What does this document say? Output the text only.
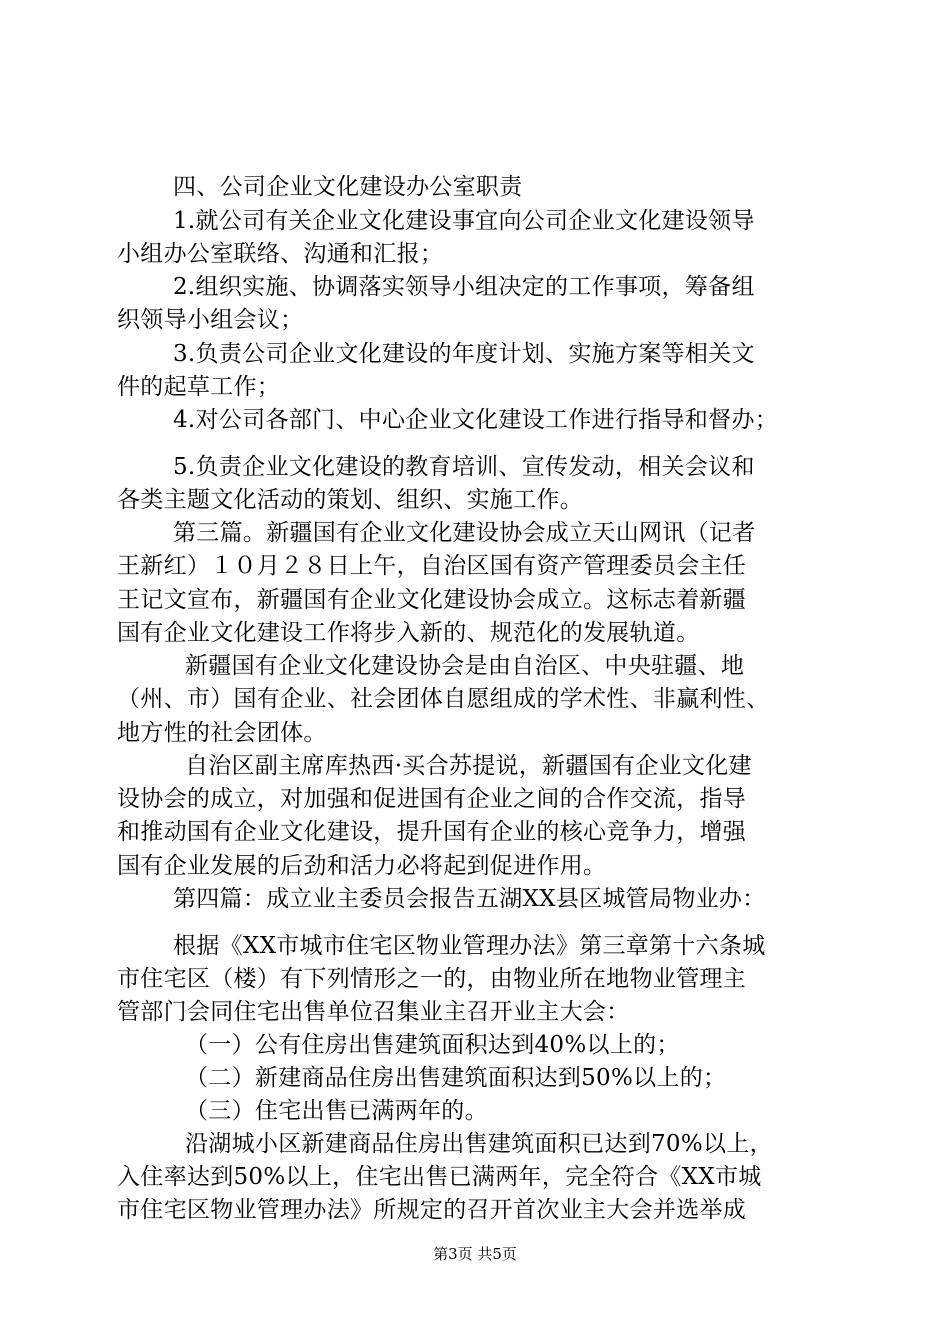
四、公司企业文化建设办公室职责
1.就公司有关企业文化建设事宜向公司企业文化建设领导
小组办公室联络、沟通和汇报；
2.组织实施、协调落实领导小组决定的工作事项，筹备组
织领导小组会议；
3.负责公司企业文化建设的年度计划、实施方案等相关文
件的起草工作；
4.对公司各部门、中心企业文化建设工作进行指导和督办；
5.负责企业文化建设的教育培训、宣传发动，相关会议和
各类主题文化活动的策划、组织、实施工作。
第三篇。新疆国有企业文化建设协会成立天山网讯（记者
王新红）１０月２８日上午，自治区国有资产管理委员会主任
王记文宣布，新疆国有企业文化建设协会成立。这标志着新疆
国有企业文化建设工作将步入新的、规范化的发展轨道。
新疆国有企业文化建设协会是由自治区、中央驻疆、地
（州、市）国有企业、社会团体自愿组成的学术性、非赢利性、
地方性的社会团体。
自治区副主席库热西·买合苏提说，新疆国有企业文化建
设协会的成立，对加强和促进国有企业之间的合作交流，指导
和推动国有企业文化建设，提升国有企业的核心竞争力，增强
国有企业发展的后劲和活力必将起到促进作用。
第四篇：成立业主委员会报告五湖XX县区城管局物业办：
根据《XX市城市住宅区物业管理办法》第三章第十六条城
市住宅区（楼）有下列情形之一的，由物业所在地物业管理主
管部门会同住宅出售单位召集业主召开业主大会：
（一）公有住房出售建筑面积达到40%以上的；
（二）新建商品住房出售建筑面积达到50%以上的；
（三）住宅出售已满两年的。
沿湖城小区新建商品住房出售建筑面积已达到70%以上，
入住率达到50%以上，住宅出售已满两年，完全符合《XX市城
市住宅区物业管理办法》所规定的召开首次业主大会并选举成
第3页 共5页
